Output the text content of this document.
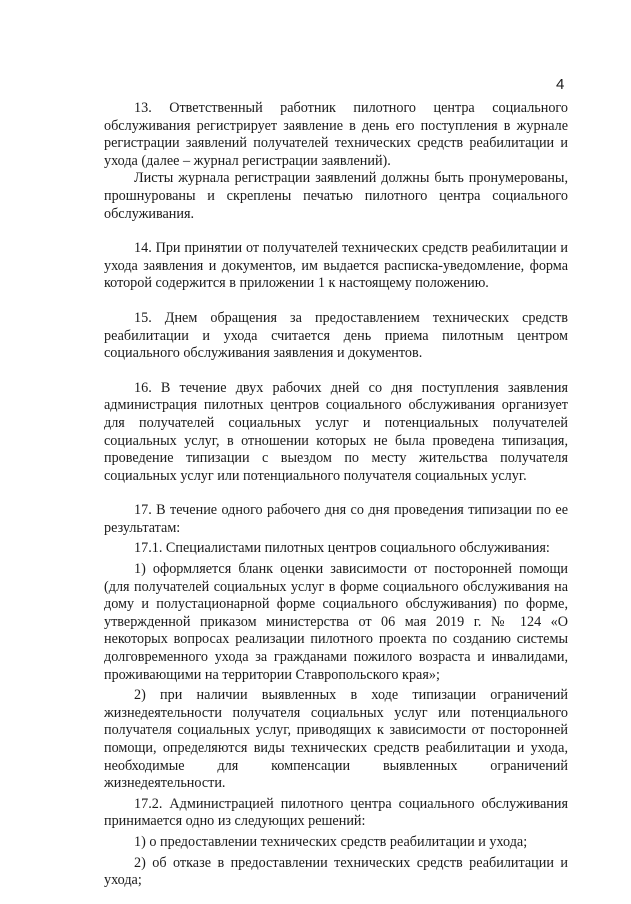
4

13. Ответственный работник пилотного центра социального обслуживания регистрирует заявление в день его поступления в журнале регистрации заявлений получателей технических средств реабилитации и ухода (далее – журнал регистрации заявлений).

Листы журнала регистрации заявлений должны быть пронумерованы, прошнурованы и скреплены печатью пилотного центра социального обслуживания.

14. При принятии от получателей технических средств реабилитации и ухода заявления и документов, им выдается расписка-уведомление, форма которой содержится в приложении 1 к настоящему положению.

15. Днем обращения за предоставлением технических средств реабилитации и ухода считается день приема пилотным центром социального обслуживания заявления и документов.

16. В течение двух рабочих дней со дня поступления заявления администрация пилотных центров социального обслуживания организует для получателей социальных услуг и потенциальных получателей социальных услуг, в отношении которых не была проведена типизация, проведение типизации с выездом по месту жительства получателя социальных услуг или потенциального получателя социальных услуг.

17. В течение одного рабочего дня со дня проведения типизации по ее результатам:

17.1. Специалистами пилотных центров социального обслуживания:

1) оформляется бланк оценки зависимости от посторонней помощи (для получателей социальных услуг в форме социального обслуживания на дому и полустационарной форме социального обслуживания) по форме, утвержденной приказом министерства от 06 мая 2019 г. № 124 «О некоторых вопросах реализации пилотного проекта по созданию системы долговременного ухода за гражданами пожилого возраста и инвалидами, проживающими на территории Ставропольского края»;

2) при наличии выявленных в ходе типизации ограничений жизнедеятельности получателя социальных услуг или потенциального получателя социальных услуг, приводящих к зависимости от посторонней помощи, определяются виды технических средств реабилитации и ухода, необходимые для компенсации выявленных ограничений жизнедеятельности.

17.2. Администрацией пилотного центра социального обслуживания принимается одно из следующих решений:

1) о предоставлении технических средств реабилитации и ухода;

2) об отказе в предоставлении технических средств реабилитации и ухода;
